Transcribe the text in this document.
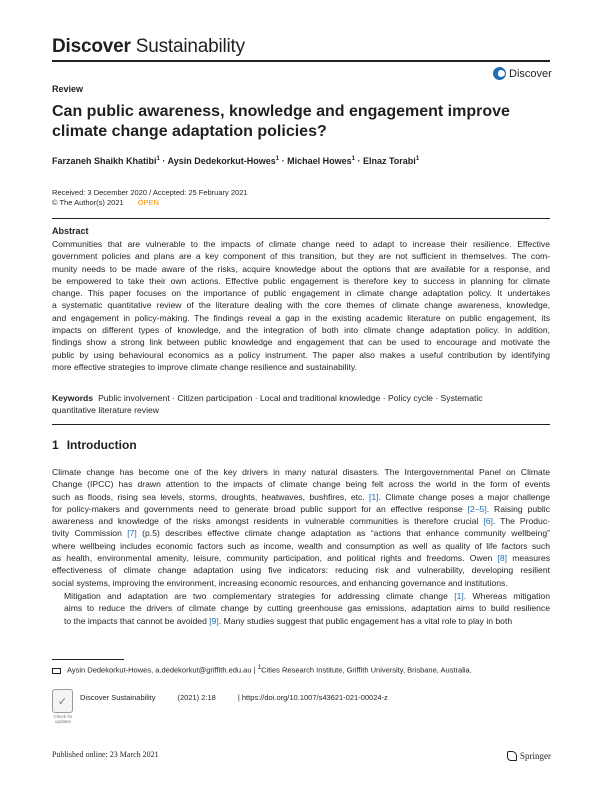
Discover Sustainability
Review
Discover
Can public awareness, knowledge and engagement improve climate change adaptation policies?
Farzaneh Shaikh Khatibi$^1$ · Aysin Dedekorkut-Howes$^1$ · Michael Howes$^1$ · Elnaz Torabi$^1$
Received: 3 December 2020 / Accepted: 25 February 2021
© The Author(s) 2021 OPEN
Abstract
Communities that are vulnerable to the impacts of climate change need to adapt to increase their resilience. Effective
government policies and plans are a key component of this transition, but they are not sufficient in themselves. The com-
munity needs to be made aware of the risks, acquire knowledge about the options that are available for a response, and
be empowered to take their own actions. Effective public engagement is therefore key to success in planning for climate
change. This paper focuses on the importance of public engagement in climate change adaptation policy. It undertakes
a systematic quantitative review of the literature dealing with the core themes of climate change awareness, knowledge,
and engagement in policy-making. The findings reveal a gap in the existing academic literature on public engagement, its
impacts on different types of knowledge, and the integration of both into climate change adaptation policy. In addition,
findings show a strong link between public knowledge and engagement that can be used to encourage and motivate the
public by using behavioural economics as a policy instrument. The paper also makes a useful contribution by identifying
more effective strategies to improve climate change resilience and sustainability.
Keywords Public involvement · Citizen participation · Local and traditional knowledge · Policy cycle · Systematic
quantitative literature review
1 Introduction
Climate change has become one of the key drivers in many natural disasters. The Intergovernmental Panel on Climate
Change (IPCC) has drawn attention to the impacts of climate change being felt across the world in the form of events
such as floods, rising sea levels, storms, droughts, heatwaves, bushfires, etc. [1]. Climate change poses a major challenge
for policy-makers and governments need to generate broad public support for an effective response [2–5]. Raising public
awareness and knowledge of the risks amongst residents in vulnerable communities is therefore crucial [6]. The Produc-
tivity Commission [7] (p.5) describes effective climate change adaptation as “actions that enhance community wellbeing”
where wellbeing includes economic factors such as income, wealth and consumption as well as quality of life factors such
as health, environmental amenity, leisure, community participation, and political rights and freedoms. Owen [8] measures
effectiveness of climate change adaptation using five indicators: reducing risk and vulnerability, developing resilient
social systems, improving the environment, increasing economic resources, and enhancing governance and institutions.
Mitigation and adaptation are two complementary strategies for addressing climate change [1]. Whereas mitigation
aims to reduce the drivers of climate change by cutting greenhouse gas emissions, adaptation aims to build resilience
to the impacts that cannot be avoided [9]. Many studies suggest that public engagement has a vital role to play in both
Aysin Dedekorkut-Howes, a.dedekorkut@griffith.edu.au | $^1$Cities Research Institute, Griffith University, Brisbane, Australia.
✓
Check for updates
Discover Sustainability	(2021) 2:18	| https://doi.org/10.1007/s43621-021-00024-z
Published online: 23 March 2021	Springer
